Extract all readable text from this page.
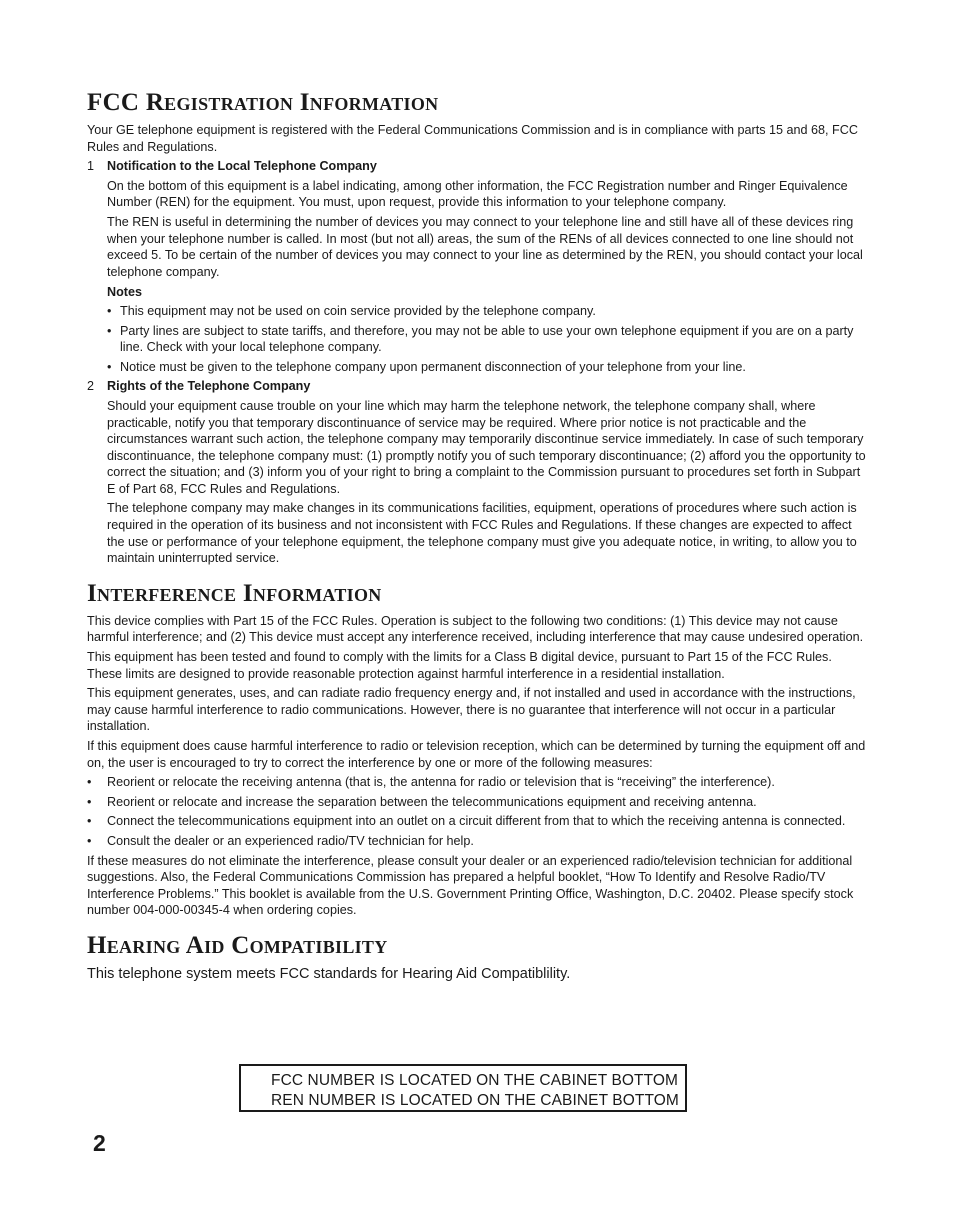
FCC Registration Information

Your GE telephone equipment is registered with the Federal Communications Commission and is in compliance with parts 15 and 68, FCC Rules and Regulations.

1	Notification to the Local Telephone Company

On the bottom of this equipment is a label indicating, among other information, the FCC Registration number and Ringer Equivalence Number (REN) for the equipment. You must, upon request, provide this information to your telephone company.

The REN is useful in determining the number of devices you may connect to your telephone line and still have all of these devices ring when your telephone number is called. In most (but not all) areas, the sum of the RENs of all devices connected to one line should not exceed 5. To be certain of the number of devices you may connect to your line as determined by the REN, you should contact your local telephone company.

Notes
• This equipment may not be used on coin service provided by the telephone company.
• Party lines are subject to state tariffs, and therefore, you may not be able to use your own telephone equipment if you are on a party line. Check with your local telephone company.
• Notice must be given to the telephone company upon permanent disconnection of your telephone from your line.
2	Rights of the Telephone Company

Should your equipment cause trouble on your line which may harm the telephone network, the telephone company shall, where practicable, notify you that temporary discontinuance of service may be required. Where prior notice is not practicable and the circumstances warrant such action, the telephone company may temporarily discontinue service immediately. In case of such temporary discontinuance, the telephone company must: (1) promptly notify you of such temporary discontinuance; (2) afford you the opportunity to correct the situation; and (3) inform you of your right to bring a complaint to the Commission pursuant to procedures set forth in Subpart E of Part 68, FCC Rules and Regulations.

The telephone company may make changes in its communications facilities, equipment, operations of procedures where such action is required in the operation of its business and not inconsistent with FCC Rules and Regulations. If these changes are expected to affect the use or performance of your telephone equipment, the telephone company must give you adequate notice, in writing, to allow you to maintain uninterrupted service.

Interference Information

This device complies with Part 15 of the FCC Rules. Operation is subject to the following two conditions: (1) This device may not cause harmful interference; and (2) This device must accept any interference received, including interference that may cause undesired operation.

This equipment has been tested and found to comply with the limits for a Class B digital device, pursuant to Part 15 of the FCC Rules. These limits are designed to provide reasonable protection against harmful interference in a residential installation.

This equipment generates, uses, and can radiate radio frequency energy and, if not installed and used in accordance with the instructions, may cause harmful interference to radio communications. However, there is no guarantee that interference will not occur in a particular installation.

If this equipment does cause harmful interference to radio or television reception, which can be determined by turning the equipment off and on, the user is encouraged to try to correct the interference by one or more of the following measures:

• Reorient or relocate the receiving antenna (that is, the antenna for radio or television that is “receiving” the interference).
• Reorient or relocate and increase the separation between the telecommunications equipment and receiving antenna.
• Connect the telecommunications equipment into an outlet on a circuit different from that to which the receiving antenna is connected.
• Consult the dealer or an experienced radio/TV technician for help.

If these measures do not eliminate the interference, please consult your dealer or an experienced radio/television technician for additional suggestions. Also, the Federal Communications Commission has prepared a helpful booklet, “How To Identify and Resolve Radio/TV Interference Problems.” This booklet is available from the U.S. Government Printing Office, Washington, D.C. 20402. Please specify stock number 004-000-00345-4 when ordering copies.

Hearing Aid Compatibility

This telephone system meets FCC standards for Hearing Aid Compatiblility.

FCC NUMBER IS LOCATED ON THE CABINET BOTTOM
REN NUMBER IS LOCATED ON THE CABINET BOTTOM
2
